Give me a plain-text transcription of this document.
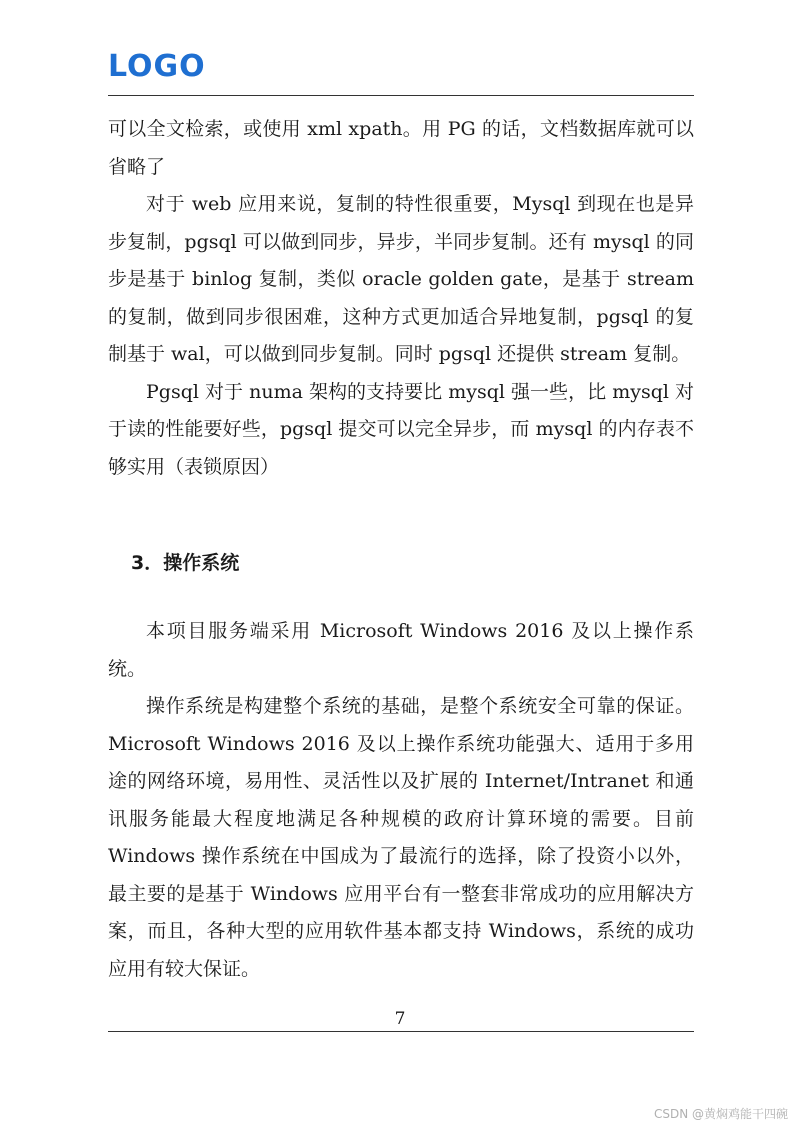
LOGO

可以全文检索，或使用 xml xpath。用 PG 的话，文档数据库就可以省略了

对于 web 应用来说，复制的特性很重要，Mysql 到现在也是异步复制，pgsql 可以做到同步，异步，半同步复制。还有 mysql 的同步是基于 binlog 复制，类似 oracle golden gate，是基于 stream 的复制，做到同步很困难，这种方式更加适合异地复制，pgsql 的复制基于 wal，可以做到同步复制。同时 pgsql 还提供 stream 复制。

Pgsql 对于 numa 架构的支持要比 mysql 强一些，比 mysql 对于读的性能要好些，pgsql 提交可以完全异步，而 mysql 的内存表不够实用（表锁原因）

3．操作系统

本项目服务端采用 Microsoft Windows 2016 及以上操作系统。

操作系统是构建整个系统的基础，是整个系统安全可靠的保证。Microsoft Windows 2016 及以上操作系统功能强大、适用于多用途的网络环境，易用性、灵活性以及扩展的 Internet/Intranet 和通讯服务能最大程度地满足各种规模的政府计算环境的需要。目前 Windows 操作系统在中国成为了最流行的选择，除了投资小以外，最主要的是基于 Windows 应用平台有一整套非常成功的应用解决方案，而且，各种大型的应用软件基本都支持 Windows，系统的成功应用有较大保证。

7
CSDN @黄焖鸡能干四碗
